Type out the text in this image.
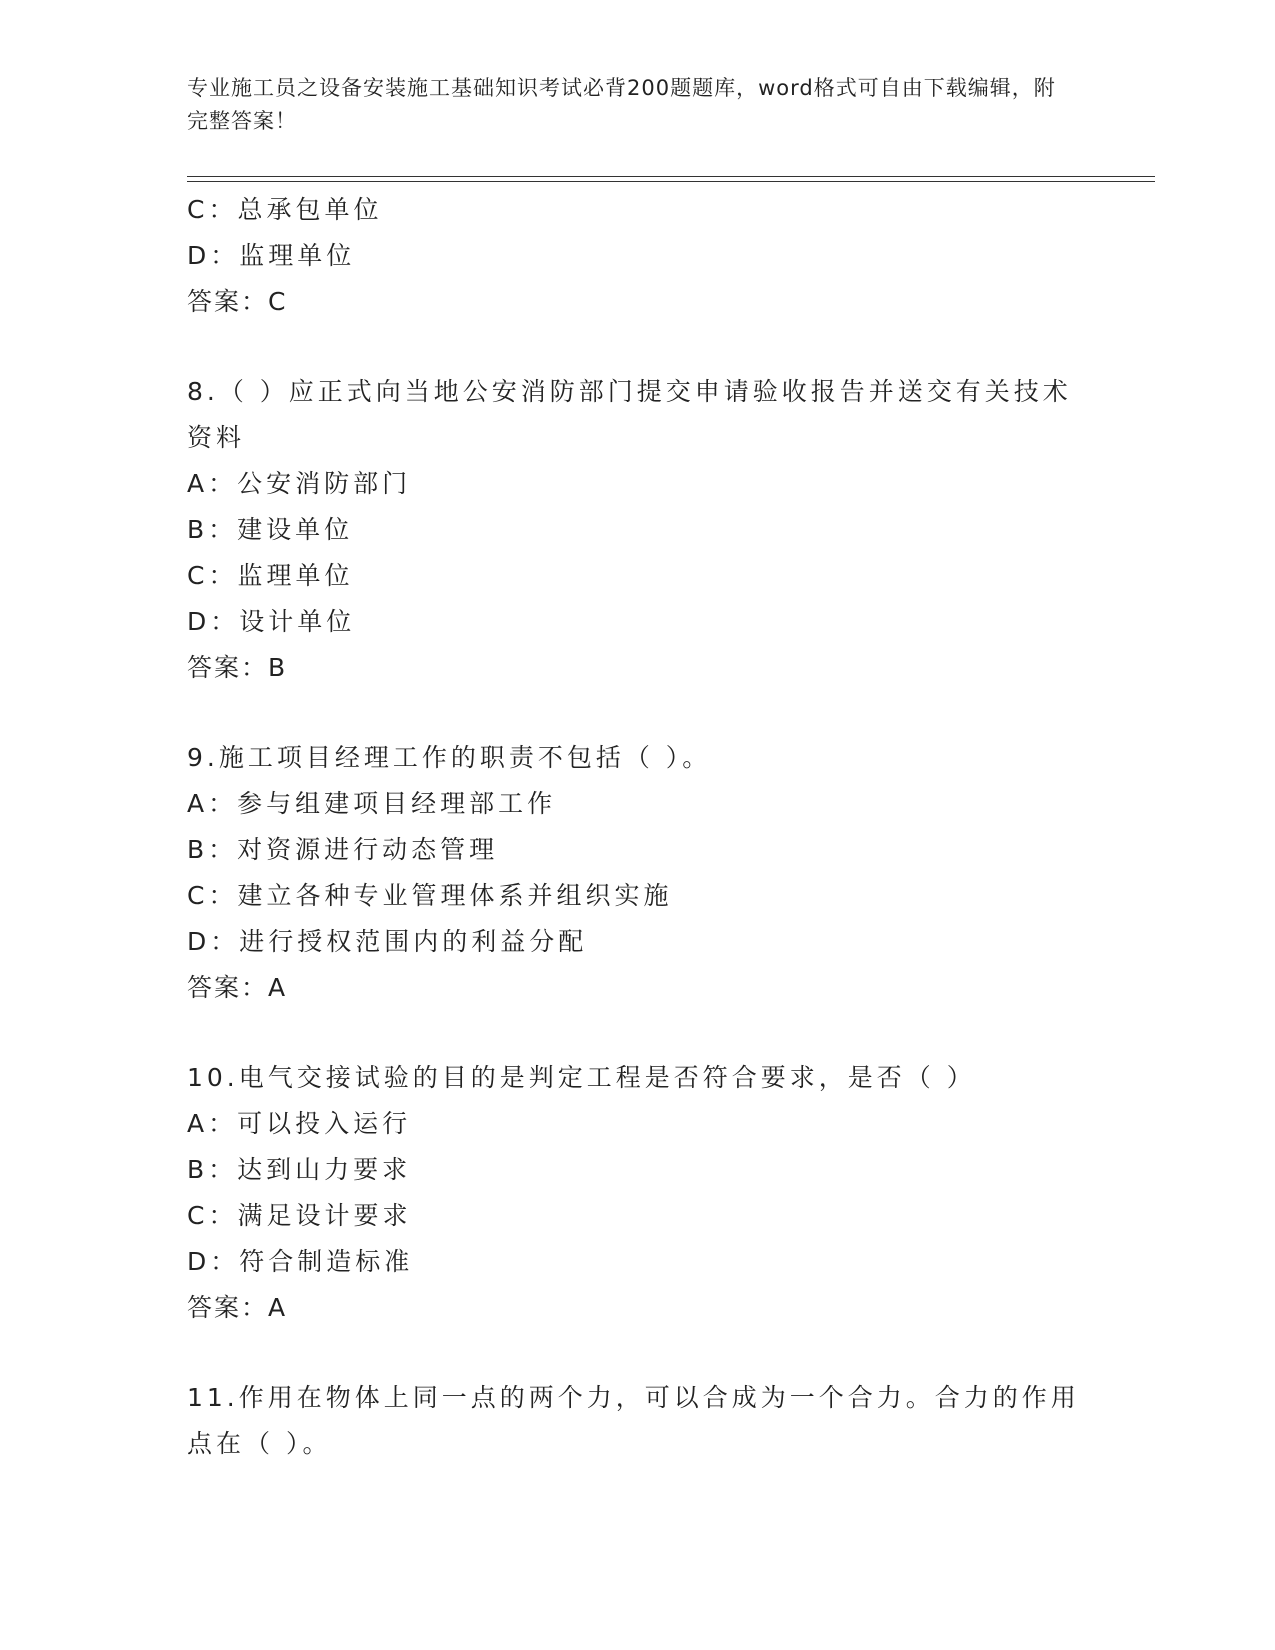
专业施工员之设备安装施工基础知识考试必背200题题库，word格式可自由下载编辑，附完整答案！
C：总承包单位
D：监理单位
答案：C
8.（ ）应正式向当地公安消防部门提交申请验收报告并送交有关技术资料
A：公安消防部门
B：建设单位
C：监理单位
D：设计单位
答案：B
9.施工项目经理工作的职责不包括（ ）。
A：参与组建项目经理部工作
B：对资源进行动态管理
C：建立各种专业管理体系并组织实施
D：进行授权范围内的利益分配
答案：A
10.电气交接试验的目的是判定工程是否符合要求，是否（ ）
A：可以投入运行
B：达到山力要求
C：满足设计要求
D：符合制造标准
答案：A
11.作用在物体上同一点的两个力，可以合成为一个合力。合力的作用点在（ ）。
